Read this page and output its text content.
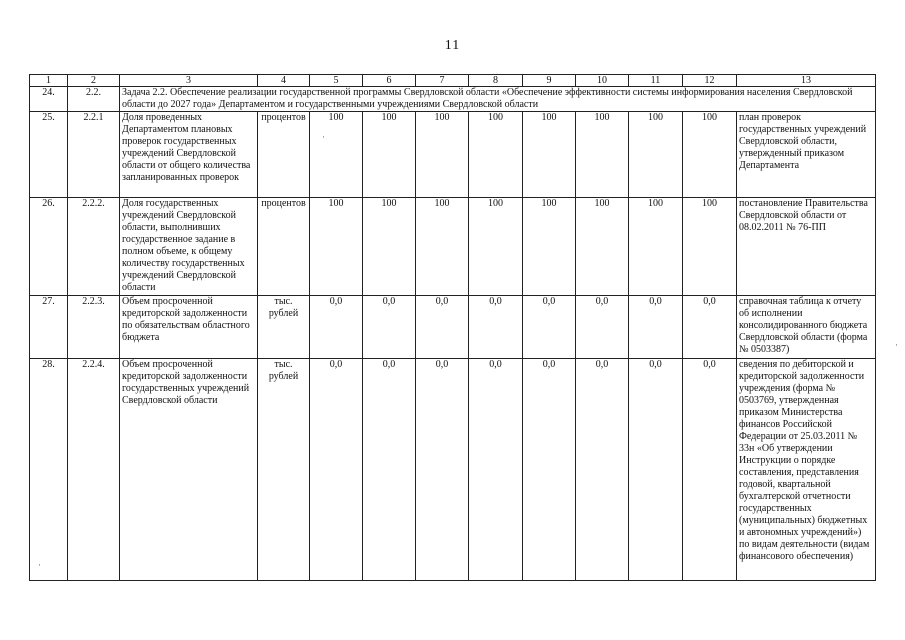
11
1	2	3	4	5	6	7	8	9	10	11	12	13
24.	2.2.	Задача 2.2. Обеспечение реализации государственной программы Свердловской области «Обеспечение эффективности системы информирования населения Свердловской области до 2027 года» Департаментом и государственными учреждениями Свердловской области										
25.	2.2.1	Доля проведенных Департаментом плановых проверок государственных учреждений Свердловской области от общего количества запланированных проверок	процентов	100	100	100	100	100	100	100	100	план проверок государственных учреждений Свердловской области, утвержденный приказом Департамента
26.	2.2.2.	Доля государственных учреждений Свердловской области, выполнивших государственное задание в полном объеме, к общему количеству государственных учреждений Свердловской области	процентов	100	100	100	100	100	100	100	100	постановление Правительства Свердловской области от 08.02.2011 № 76-ПП
27.	2.2.3.	Объем просроченной кредиторской задолженности по обязательствам областного бюджета	тыс. рублей	0,0	0,0	0,0	0,0	0,0	0,0	0,0	0,0	справочная таблица к отчету об исполнении консолидированного бюджета Свердловской области (форма № 0503387)
28.	2.2.4.	Объем просроченной кредиторской задолженности государственных учреждений Свердловской области	тыс. рублей	0,0	0,0	0,0	0,0	0,0	0,0	0,0	0,0	сведения по дебиторской и кредиторской задолженности учреждения (форма № 0503769, утвержденная приказом Министерства финансов Российской Федерации от 25.03.2011 № 33н «Об утверждении Инструкции о порядке составления, представления годовой, квартальной бухгалтерской отчетности государственных (муниципальных) бюджетных и автономных учреждений») по видам деятельности (видам финансового обеспечения)
·
·
·
